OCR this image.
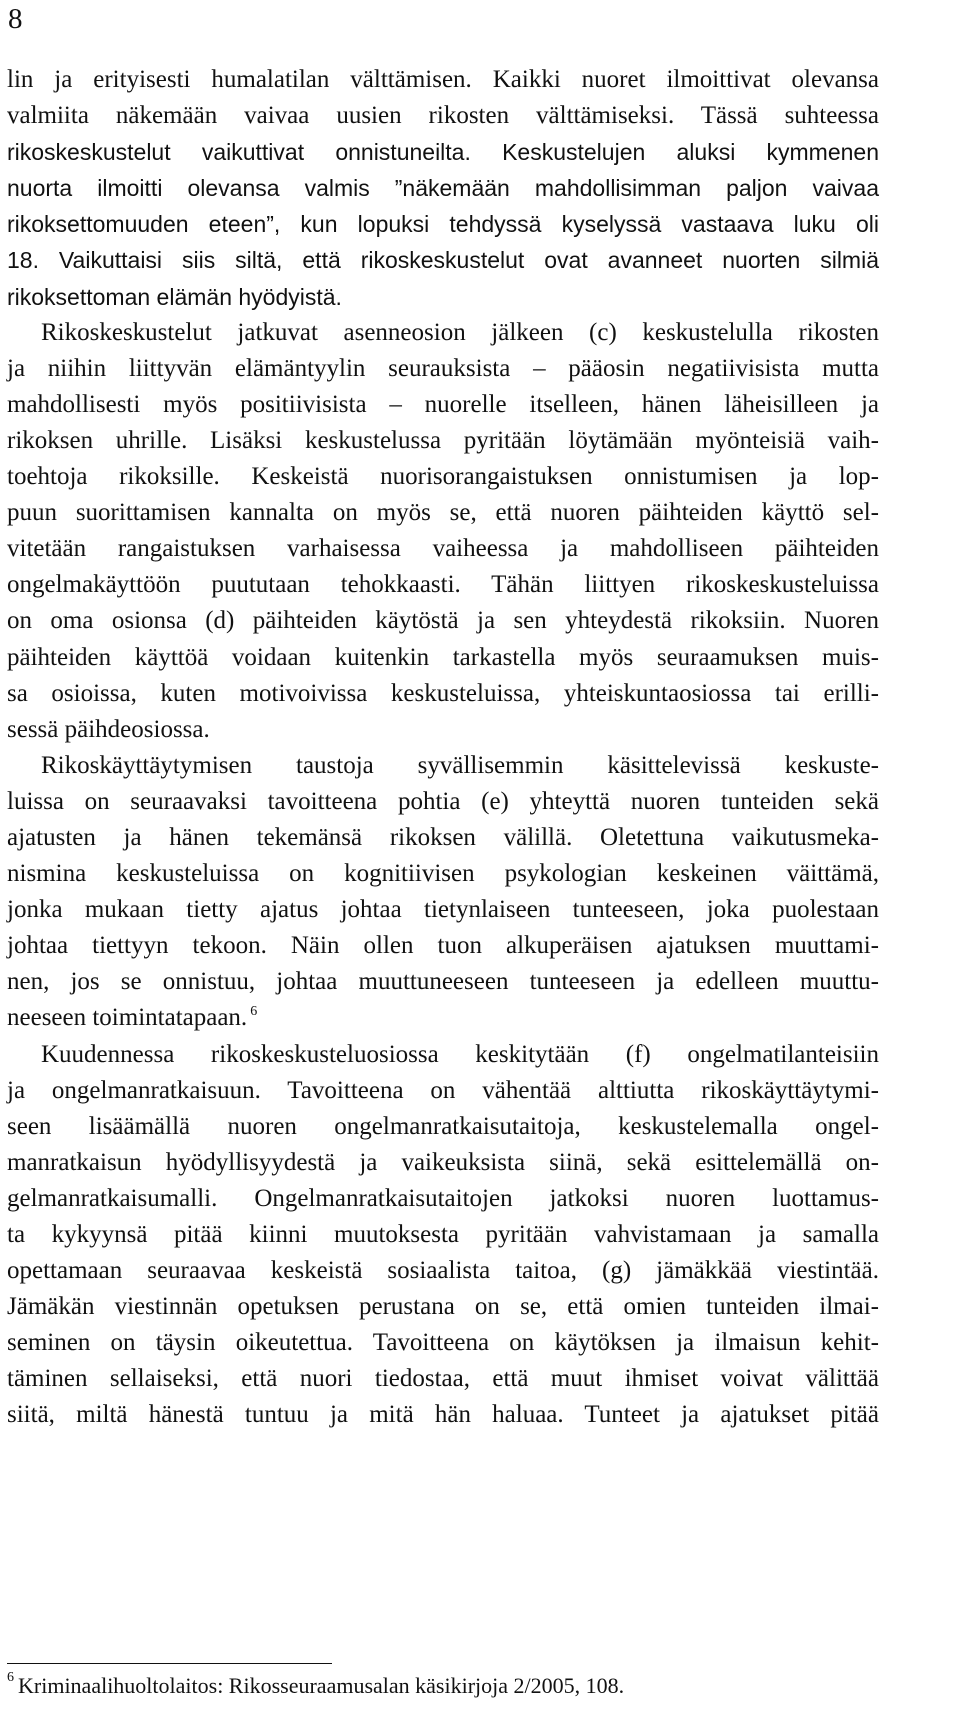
8
lin ja erityisesti humalatilan välttämisen. Kaikki nuoret ilmoittivat olevansa
valmiita näkemään vaivaa uusien rikosten välttämiseksi. Tässä suhteessa
rikoskeskustelut vaikuttivat onnistuneilta. Keskustelujen aluksi kymmenen
nuorta ilmoitti olevansa valmis ”näkemään mahdollisimman paljon vaivaa
rikoksettomuuden eteen”, kun lopuksi tehdyssä kyselyssä vastaava luku oli
18. Vaikuttaisi siis siltä, että rikoskeskustelut ovat avanneet nuorten silmiä
rikoksettoman elämän hyödyistä.
Rikoskeskustelut jatkuvat asenneosion jälkeen (c) keskustelulla rikosten
ja niihin liittyvän elämäntyylin seurauksista – pääosin negatiivisista mutta
mahdollisesti myös positiivisista – nuorelle itselleen, hänen läheisilleen ja
rikoksen uhrille. Lisäksi keskustelussa pyritään löytämään myönteisiä vaih-
toehtoja rikoksille. Keskeistä nuorisorangaistuksen onnistumisen ja lop-
puun suorittamisen kannalta on myös se, että nuoren päihteiden käyttö sel-
vitetään rangaistuksen varhaisessa vaiheessa ja mahdolliseen päihteiden
ongelmakäyttöön puututaan tehokkaasti. Tähän liittyen rikoskeskusteluissa
on oma osionsa (d) päihteiden käytöstä ja sen yhteydestä rikoksiin. Nuoren
päihteiden käyttöä voidaan kuitenkin tarkastella myös seuraamuksen muis-
sa osioissa, kuten motivoivissa keskusteluissa, yhteiskuntaosiossa tai erilli-
sessä päihdeosiossa.
Rikoskäyttäytymisen taustoja syvällisemmin käsittelevissä keskuste-
luissa on seuraavaksi tavoitteena pohtia (e) yhteyttä nuoren tunteiden sekä
ajatusten ja hänen tekemänsä rikoksen välillä. Oletettuna vaikutusmeka-
nismina keskusteluissa on kognitiivisen psykologian keskeinen väittämä,
jonka mukaan tietty ajatus johtaa tietynlaiseen tunteeseen, joka puolestaan
johtaa tiettyyn tekoon. Näin ollen tuon alkuperäisen ajatuksen muuttami-
nen, jos se onnistuu, johtaa muuttuneeseen tunteeseen ja edelleen muuttu-
neeseen toimintatapaan. $^6$
Kuudennessa rikoskeskusteluosiossa keskitytään (f) ongelmatilanteisiin
ja ongelmanratkaisuun. Tavoitteena on vähentää alttiutta rikoskäyttäytymi-
seen lisäämällä nuoren ongelmanratkaisutaitoja, keskustelemalla ongel-
manratkaisun hyödyllisyydestä ja vaikeuksista siinä, sekä esittelemällä on-
gelmanratkaisumalli. Ongelmanratkaisutaitojen jatkoksi nuoren luottamus-
ta kykyynsä pitää kiinni muutoksesta pyritään vahvistamaan ja samalla
opettamaan seuraavaa keskeistä sosiaalista taitoa, (g) jämäkkää viestintää.
Jämäkän viestinnän opetuksen perustana on se, että omien tunteiden ilmai-
seminen on täysin oikeutettua. Tavoitteena on käytöksen ja ilmaisun kehit-
täminen sellaiseksi, että nuori tiedostaa, että muut ihmiset voivat välittää
siitä, miltä hänestä tuntuu ja mitä hän haluaa. Tunteet ja ajatukset pitää
$^6$ Kriminaalihuoltolaitos: Rikosseuraamusalan käsikirjoja 2/2005, 108.
